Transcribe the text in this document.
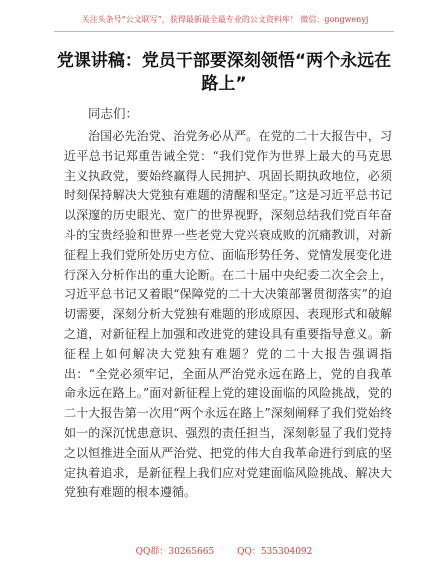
关注头条号“公文联写”，获得最新最全最专业的公文资料库！ 微信：gongwenyj
党课讲稿：党员干部要深刻领悟“两个永远在路上”
同志们：

治国必先治党、治党务必从严。在党的二十大报告中，习近平总书记郑重告诫全党：“我们党作为世界上最大的马克思主义执政党，要始终赢得人民拥护、巩固长期执政地位，必须时刻保持解决大党独有难题的清醒和坚定。”这是习近平总书记以深邃的历史眼光、宽广的世界视野，深刻总结我们党百年奋斗的宝贵经验和世界一些老党大党兴衰成败的沉痛教训，对新征程上我们党所处历史方位、面临形势任务、党情发展变化进行深入分析作出的重大论断。在二十届中央纪委二次全会上，习近平总书记又着眼“保障党的二十大决策部署贯彻落实”的迫切需要，深刻分析大党独有难题的形成原因、表现形式和破解之道，对新征程上加强和改进党的建设具有重要指导意义。新征程上如何解决大党独有难题？党的二十大报告强调指出：“全党必须牢记，全面从严治党永远在路上，党的自我革命永远在路上。”面对新征程上党的建设面临的风险挑战，党的二十大报告第一次用“两个永远在路上”深刻阐释了我们党始终如一的深沉忧患意识、强烈的责任担当，深刻彰显了我们党持之以恒推进全面从严治党、把党的伟大自我革命进行到底的坚定执着追求，是新征程上我们应对党建面临风险挑战、解决大党独有难题的根本遵循。

QQ群：30265665	QQ：535304092
